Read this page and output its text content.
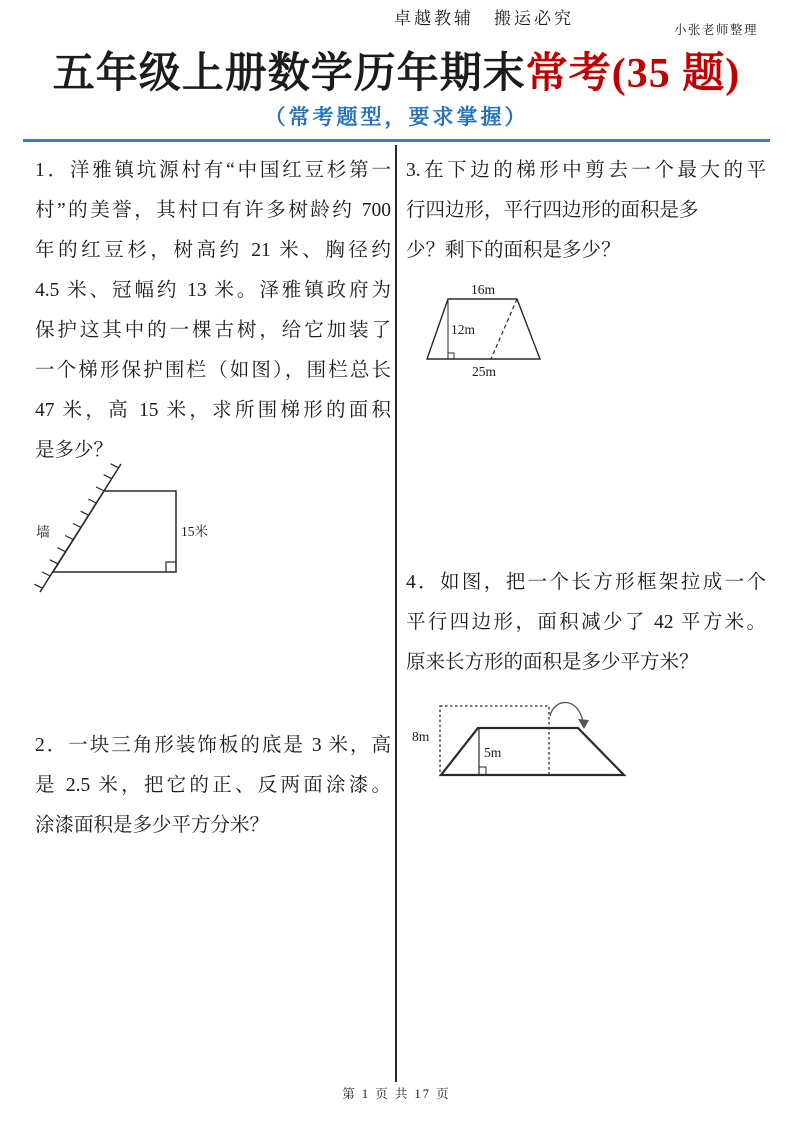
卓越教辅　搬运必究
小张老师整理
五年级上册数学历年期末常考(35 题)
（常考题型，要求掌握）
1．洋雅镇坑源村有“中国红豆杉第一
村”的美誉，其村口有许多树龄约 700
年的红豆杉，树高约 21 米、胸径约
4.5 米、冠幅约 13 米。泽雅镇政府为
保护这其中的一棵古树，给它加装了
一个梯形保护围栏（如图），围栏总长
47 米，高 15 米，求所围梯形的面积
是多少？
墙	15米
2．一块三角形装饰板的底是 3 米，高
是 2.5 米，把它的正、反两面涂漆。
涂漆面积是多少平方分米？
3.在下边的梯形中剪去一个最大的平
行四边形，平行四边形的面积是多
少？剩下的面积是多少？
16m
12m
25m
4．如图，把一个长方形框架拉成一个
平行四边形，面积减少了 42 平方米。
原来长方形的面积是多少平方米？
8m
5m
第 1 页 共 17 页
